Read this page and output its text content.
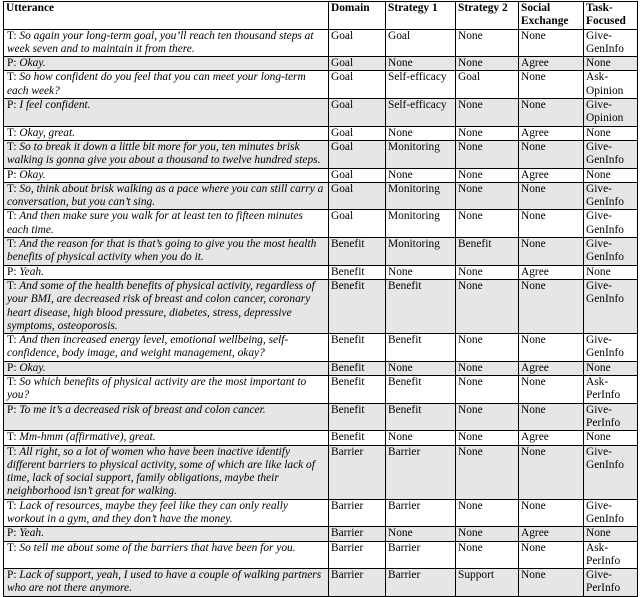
Utterance	Domain	Strategy 1	Strategy 2	Social Exchange	Task-Focused
T: So again your long-term goal, you’ll reach ten thousand steps at week seven and to maintain it from there.	Goal	Goal	None	None	Give-GenInfo
P: Okay.	Goal	None	None	Agree	None
T: So how confident do you feel that you can meet your long-term each week?	Goal	Self-efficacy	Goal	None	Ask-Opinion
P: I feel confident.	Goal	Self-efficacy	None	None	Give-Opinion
T: Okay, great.	Goal	None	None	Agree	None
T: So to break it down a little bit more for you, ten minutes brisk walking is gonna give you about a thousand to twelve hundred steps.	Goal	Monitoring	None	None	Give-GenInfo
P: Okay.	Goal	None	None	Agree	None
T: So, think about brisk walking as a pace where you can still carry a conversation, but you can’t sing.	Goal	Monitoring	None	None	Give-GenInfo
T: And then make sure you walk for at least ten to fifteen minutes each time.	Goal	Monitoring	None	None	Give-GenInfo
T: And the reason for that is that’s going to give you the most health benefits of physical activity when you do it.	Benefit	Monitoring	Benefit	None	Give-GenInfo
P: Yeah.	Benefit	None	None	Agree	None
T: And some of the health benefits of physical activity, regardless of your BMI, are decreased risk of breast and colon cancer, coronary heart disease, high blood pressure, diabetes, stress, depressive symptoms, osteoporosis.	Benefit	Benefit	None	None	Give-GenInfo
T: And then increased energy level, emotional wellbeing, self-confidence, body image, and weight management, okay?	Benefit	Benefit	None	None	Give-GenInfo
P: Okay.	Benefit	None	None	Agree	None
T: So which benefits of physical activity are the most important to you?	Benefit	Benefit	None	None	Ask-PerInfo
P: To me it’s a decreased risk of breast and colon cancer.	Benefit	Benefit	None	None	Give-PerInfo
T: Mm-hmm (affirmative), great.	Benefit	None	None	Agree	None
T: All right, so a lot of women who have been inactive identify different barriers to physical activity, some of which are like lack of time, lack of social support, family obligations, maybe their neighborhood isn’t great for walking.	Barrier	Barrier	None	None	Give-GenInfo
T: Lack of resources, maybe they feel like they can only really workout in a gym, and they don’t have the money.	Barrier	Barrier	None	None	Give-GenInfo
P: Yeah.	Barrier	None	None	Agree	None
T: So tell me about some of the barriers that have been for you.	Barrier	Barrier	None	None	Ask-PerInfo
P: Lack of support, yeah, I used to have a couple of walking partners who are not there anymore.	Barrier	Barrier	Support	None	Give-PerInfo
